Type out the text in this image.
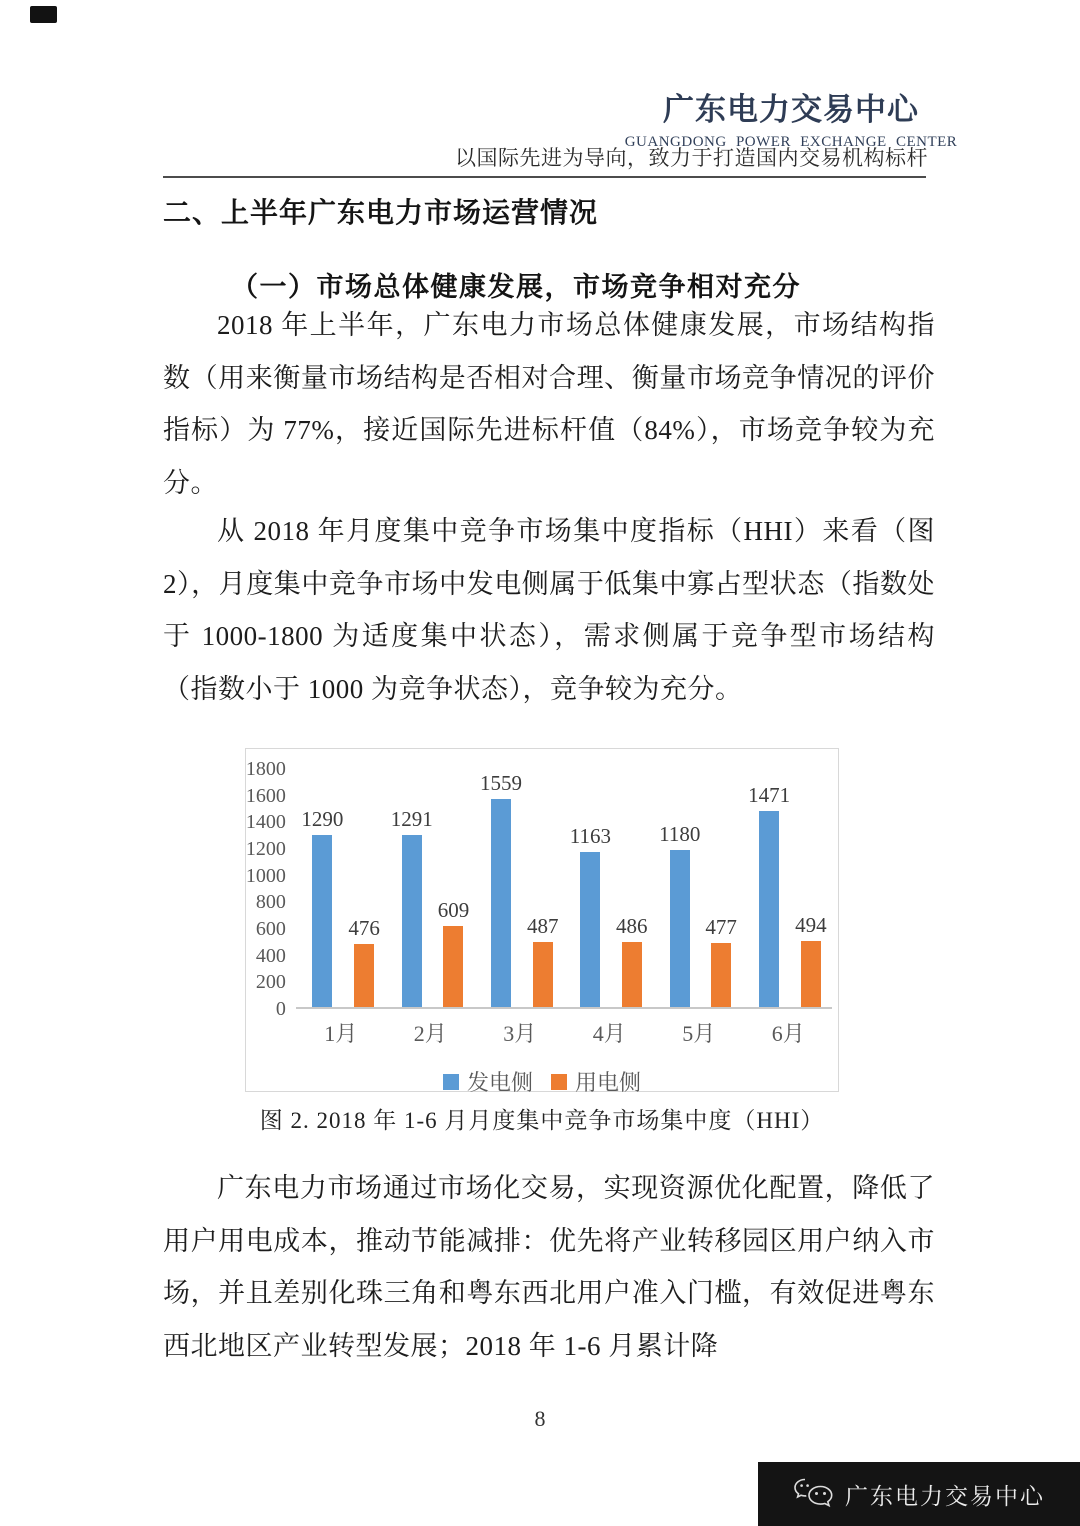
广东电力交易中心
GUANGDONG POWER EXCHANGE CENTER
以国际先进为导向，致力于打造国内交易机构标杆
二、上半年广东电力市场运营情况
（一）市场总体健康发展，市场竞争相对充分
2018 年上半年，广东电力市场总体健康发展，市场结构指数（用来衡量市场结构是否相对合理、衡量市场竞争情况的评价指标）为 77%，接近国际先进标杆值（84%），市场竞争较为充分。
从 2018 年月度集中竞争市场集中度指标（HHI）来看（图 2），月度集中竞争市场中发电侧属于低集中寡占型状态（指数处于 1000-1800 为适度集中状态），需求侧属于竞争型市场结构（指数小于 1000 为竞争状态），竞争较为充分。
0
200
400
600
800
1000
1200
1400
1600
1800
1290
476
1291
609
1559
487
1163
486
1180
477
1471
494
1月	2月	3月	4月	5月	6月
发电侧 用电侧
图 2. 2018 年 1-6 月月度集中竞争市场集中度（HHI）
广东电力市场通过市场化交易，实现资源优化配置，降低了用户用电成本，推动节能减排：优先将产业转移园区用户纳入市场，并且差别化珠三角和粤东西北用户准入门槛，有效促进粤东西北地区产业转型发展；2018 年 1-6 月累计降
8
广东电力交易中心
